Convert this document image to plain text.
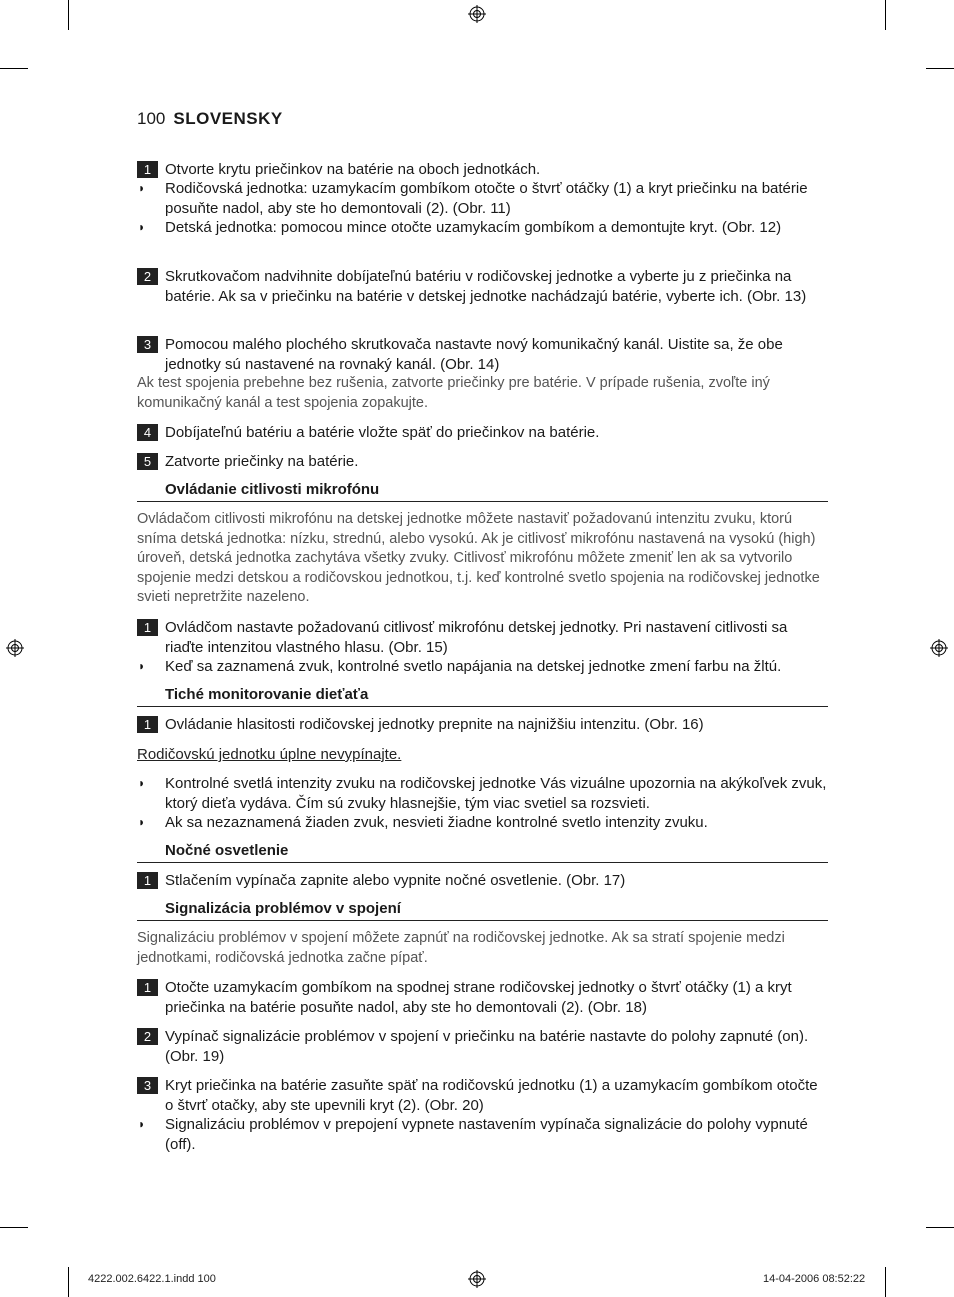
100 SLOVENSKY
1 Otvorte krytu priečinkov na batérie na oboch jednotkách.
◗ Rodičovská jednotka: uzamykacím gombíkom otočte o štvrť otáčky (1) a kryt priečinku na batérie posuňte nadol, aby ste ho demontovali (2). (Obr. 11)
◗ Detská jednotka: pomocou mince otočte uzamykacím gombíkom a demontujte kryt. (Obr. 12)
2 Skrutkovačom nadvihnite dobíjateľnú batériu v rodičovskej jednotke a vyberte ju z priečinka na batérie. Ak sa v priečinku na batérie v detskej jednotke nachádzajú batérie, vyberte ich. (Obr. 13)
3 Pomocou malého plochého skrutkovača nastavte nový komunikačný kanál. Uistite sa, že obe jednotky sú nastavené na rovnaký kanál. (Obr. 14)
Ak test spojenia prebehne bez rušenia, zatvorte priečinky pre batérie. V prípade rušenia, zvoľte iný komunikačný kanál a test spojenia zopakujte.
4 Dobíjateľnú batériu a batérie vložte späť do priečinkov na batérie.
5 Zatvorte priečinky na batérie.
Ovládanie citlivosti mikrofónu
Ovládačom citlivosti mikrofónu na detskej jednotke môžete nastaviť požadovanú intenzitu zvuku, ktorú sníma detská jednotka: nízku, strednú, alebo vysokú. Ak je citlivosť mikrofónu nastavená na vysokú (high) úroveň, detská jednotka zachytáva všetky zvuky. Citlivosť mikrofónu môžete zmeniť len ak sa vytvorilo spojenie medzi detskou a rodičovskou jednotkou, t.j. keď kontrolné svetlo spojenia na rodičovskej jednotke svieti nepretržite nazeleno.
1 Ovládčom nastavte požadovanú citlivosť mikrofónu detskej jednotky. Pri nastavení citlivosti sa riaďte intenzitou vlastného hlasu. (Obr. 15)
◗ Keď sa zaznamená zvuk, kontrolné svetlo napájania na detskej jednotke zmení farbu na žltú.
Tiché monitorovanie dieťaťa
1 Ovládanie hlasitosti rodičovskej jednotky prepnite na najnižšiu intenzitu. (Obr. 16)
Rodičovskú jednotku úplne nevypínajte.
◗ Kontrolné svetlá intenzity zvuku na rodičovskej jednotke Vás vizuálne upozornia na akýkoľvek zvuk, ktorý dieťa vydáva. Čím sú zvuky hlasnejšie, tým viac svetiel sa rozsvieti.
◗ Ak sa nezaznamená žiaden zvuk, nesvieti žiadne kontrolné svetlo intenzity zvuku.
Nočné osvetlenie
1 Stlačením vypínača zapnite alebo vypnite nočné osvetlenie. (Obr. 17)
Signalizácia problémov v spojení
Signalizáciu problémov v spojení môžete zapnúť na rodičovskej jednotke. Ak sa stratí spojenie medzi jednotkami, rodičovská jednotka začne pípať.
1 Otočte uzamykacím gombíkom na spodnej strane rodičovskej jednotky o štvrť otáčky (1) a kryt priečinka na batérie posuňte nadol, aby ste ho demontovali (2). (Obr. 18)
2 Vypínač signalizácie problémov v spojení v priečinku na batérie nastavte do polohy zapnuté (on). (Obr. 19)
3 Kryt priečinka na batérie zasuňte späť na rodičovskú jednotku (1) a uzamykacím gombíkom otočte o štvrť otačky, aby ste upevnili kryt (2). (Obr. 20)
◗ Signalizáciu problémov v prepojení vypnete nastavením vypínača signalizácie do polohy vypnuté (off).
4222.002.6422.1.indd 100	14-04-2006 08:52:22
